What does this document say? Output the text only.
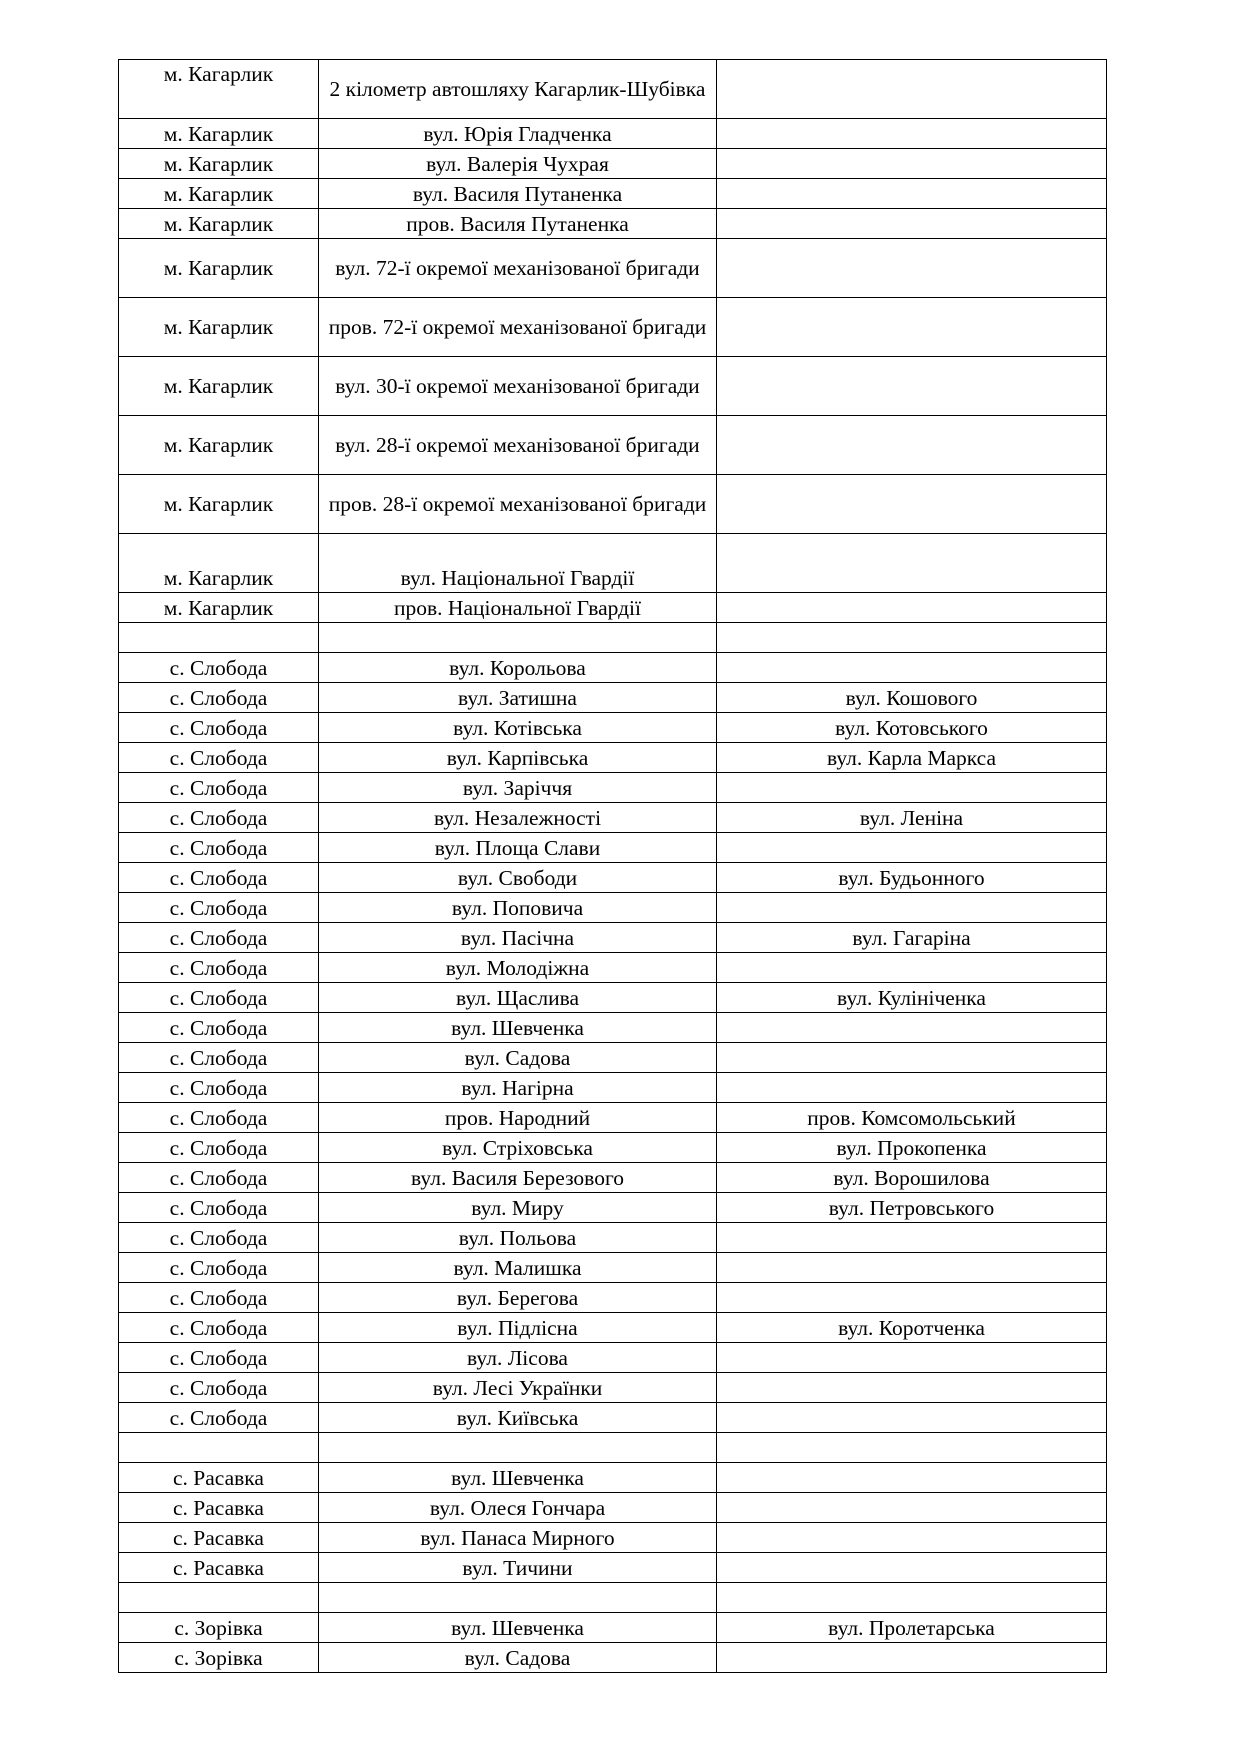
м. Кагарлик	2 кілометр автошляху Кагарлик-Шубівка	
м. Кагарлик	вул. Юрія Гладченка	
м. Кагарлик	вул. Валерія Чухрая	
м. Кагарлик	вул. Василя Путаненка	
м. Кагарлик	пров. Василя Путаненка	
м. Кагарлик	вул. 72-ї окремої механізованої бригади	
м. Кагарлик	пров. 72-ї окремої механізованої бригади	
м. Кагарлик	вул. 30-ї окремої механізованої бригади	
м. Кагарлик	вул. 28-ї окремої механізованої бригади	
м. Кагарлик	пров. 28-ї окремої механізованої бригади	
м. Кагарлик	вул. Національної Гвардії	
м. Кагарлик	пров. Національної Гвардії	

с. Слобода	вул. Корольова	
с. Слобода	вул. Затишна	вул. Кошового
с. Слобода	вул. Котівська	вул. Котовського
с. Слобода	вул. Карпівська	вул. Карла Маркса
с. Слобода	вул. Заріччя	
с. Слобода	вул. Незалежності	вул. Леніна
с. Слобода	вул. Площа Слави	
с. Слобода	вул. Свободи	вул. Будьонного
с. Слобода	вул. Поповича	
с. Слобода	вул. Пасічна	вул. Гагаріна
с. Слобода	вул. Молодіжна	
с. Слобода	вул. Щаслива	вул. Кулініченка
с. Слобода	вул. Шевченка	
с. Слобода	вул. Садова	
с. Слобода	вул. Нагірна	
с. Слобода	пров. Народний	пров. Комсомольський
с. Слобода	вул. Стріховська	вул. Прокопенка
с. Слобода	вул. Василя Березового	вул. Ворошилова
с. Слобода	вул. Миру	вул. Петровського
с. Слобода	вул. Польова	
с. Слобода	вул. Малишка	
с. Слобода	вул. Берегова	
с. Слобода	вул. Підлісна	вул. Коротченка
с. Слобода	вул. Лісова	
с. Слобода	вул. Лесі Українки	
с. Слобода	вул. Київська	

с. Расавка	вул. Шевченка	
с. Расавка	вул. Олеся Гончара	
с. Расавка	вул. Панаса Мирного	
с. Расавка	вул. Тичини	

с. Зорівка	вул. Шевченка	вул. Пролетарська
с. Зорівка	вул. Садова	
